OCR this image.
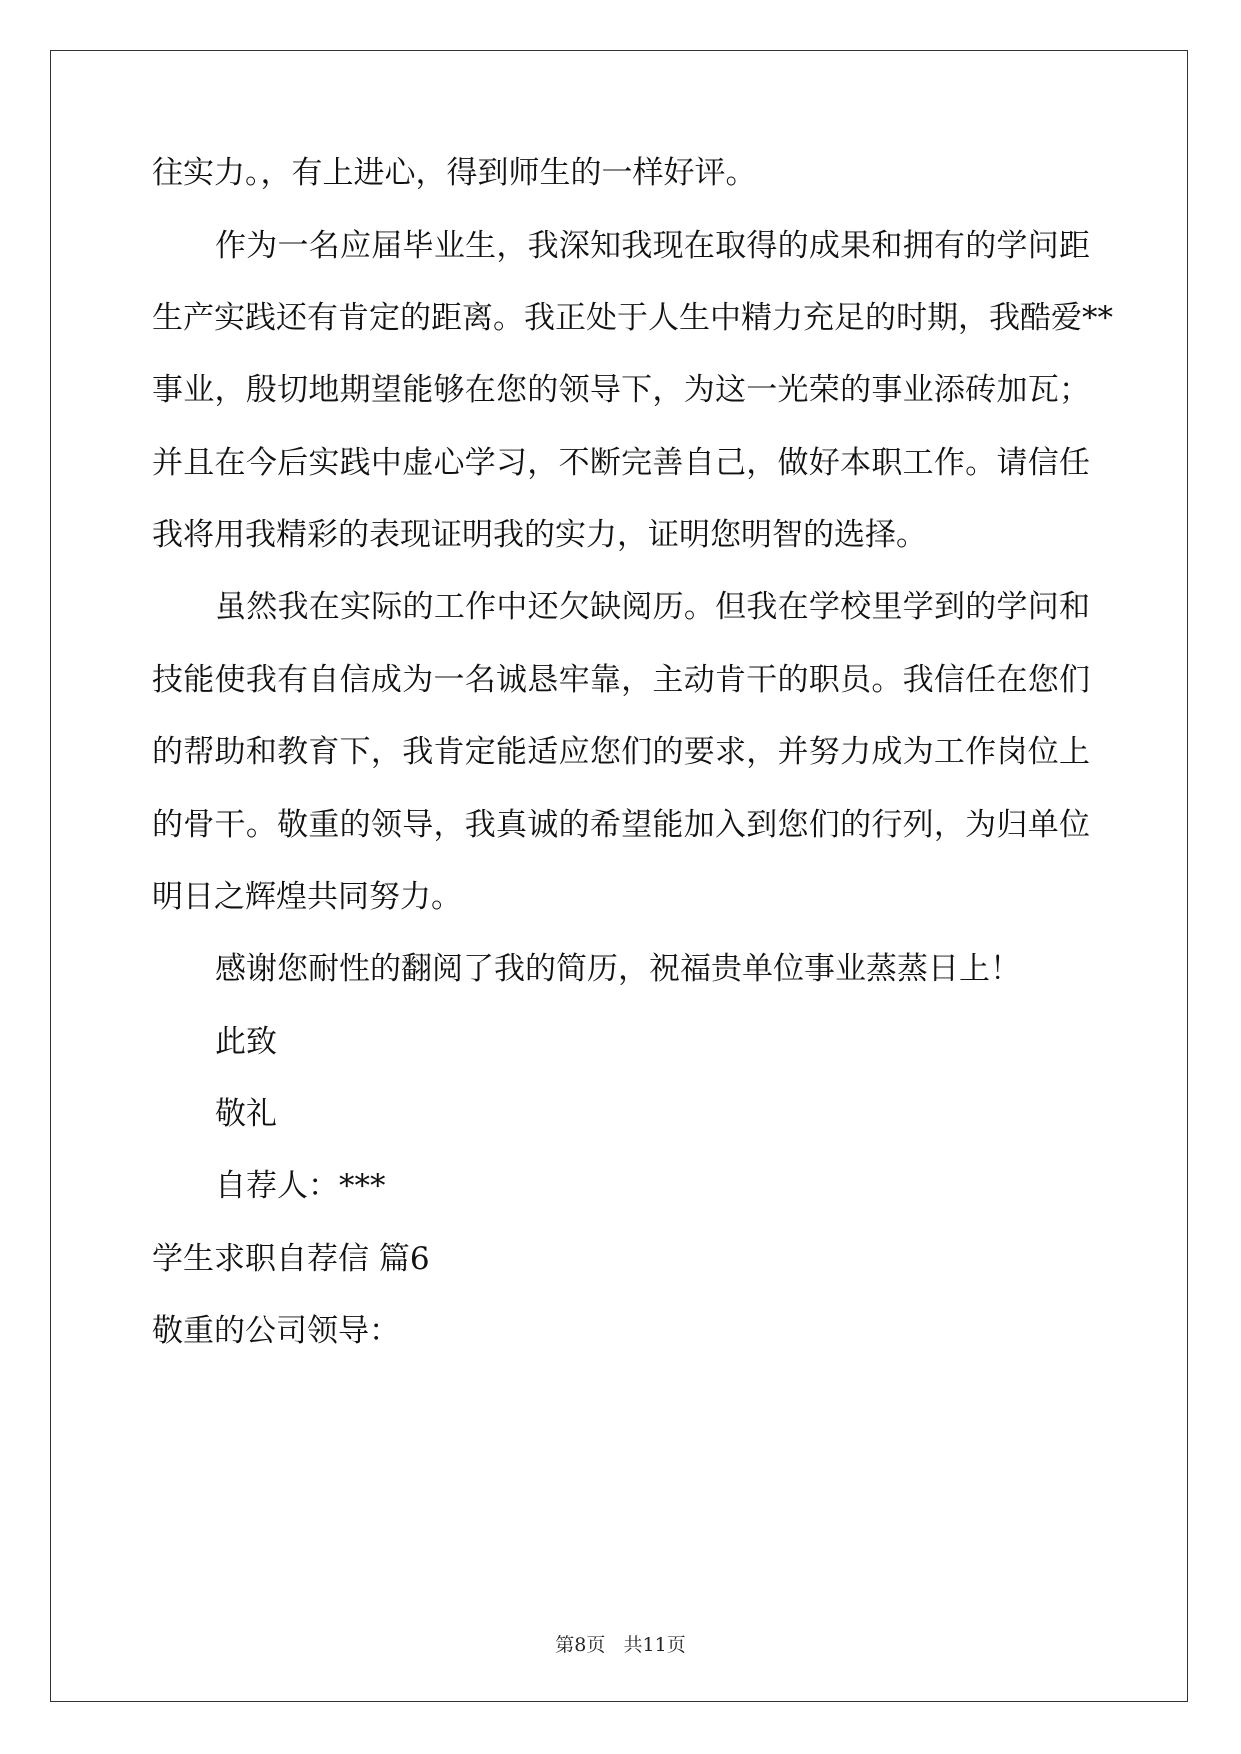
往实力。，有上进心，得到师生的一样好评。
作为一名应届毕业生，我深知我现在取得的成果和拥有的学问距
生产实践还有肯定的距离。我正处于人生中精力充足的时期，我酷爱**
事业，殷切地期望能够在您的领导下，为这一光荣的事业添砖加瓦；
并且在今后实践中虚心学习，不断完善自己，做好本职工作。请信任
我将用我精彩的表现证明我的实力，证明您明智的选择。
虽然我在实际的工作中还欠缺阅历。但我在学校里学到的学问和
技能使我有自信成为一名诚恳牢靠，主动肯干的职员。我信任在您们
的帮助和教育下，我肯定能适应您们的要求，并努力成为工作岗位上
的骨干。敬重的领导，我真诚的希望能加入到您们的行列，为归单位
明日之辉煌共同努力。
感谢您耐性的翻阅了我的简历，祝福贵单位事业蒸蒸日上！
此致
敬礼
自荐人：***
学生求职自荐信 篇6
敬重的公司领导：
第8页 共11页
